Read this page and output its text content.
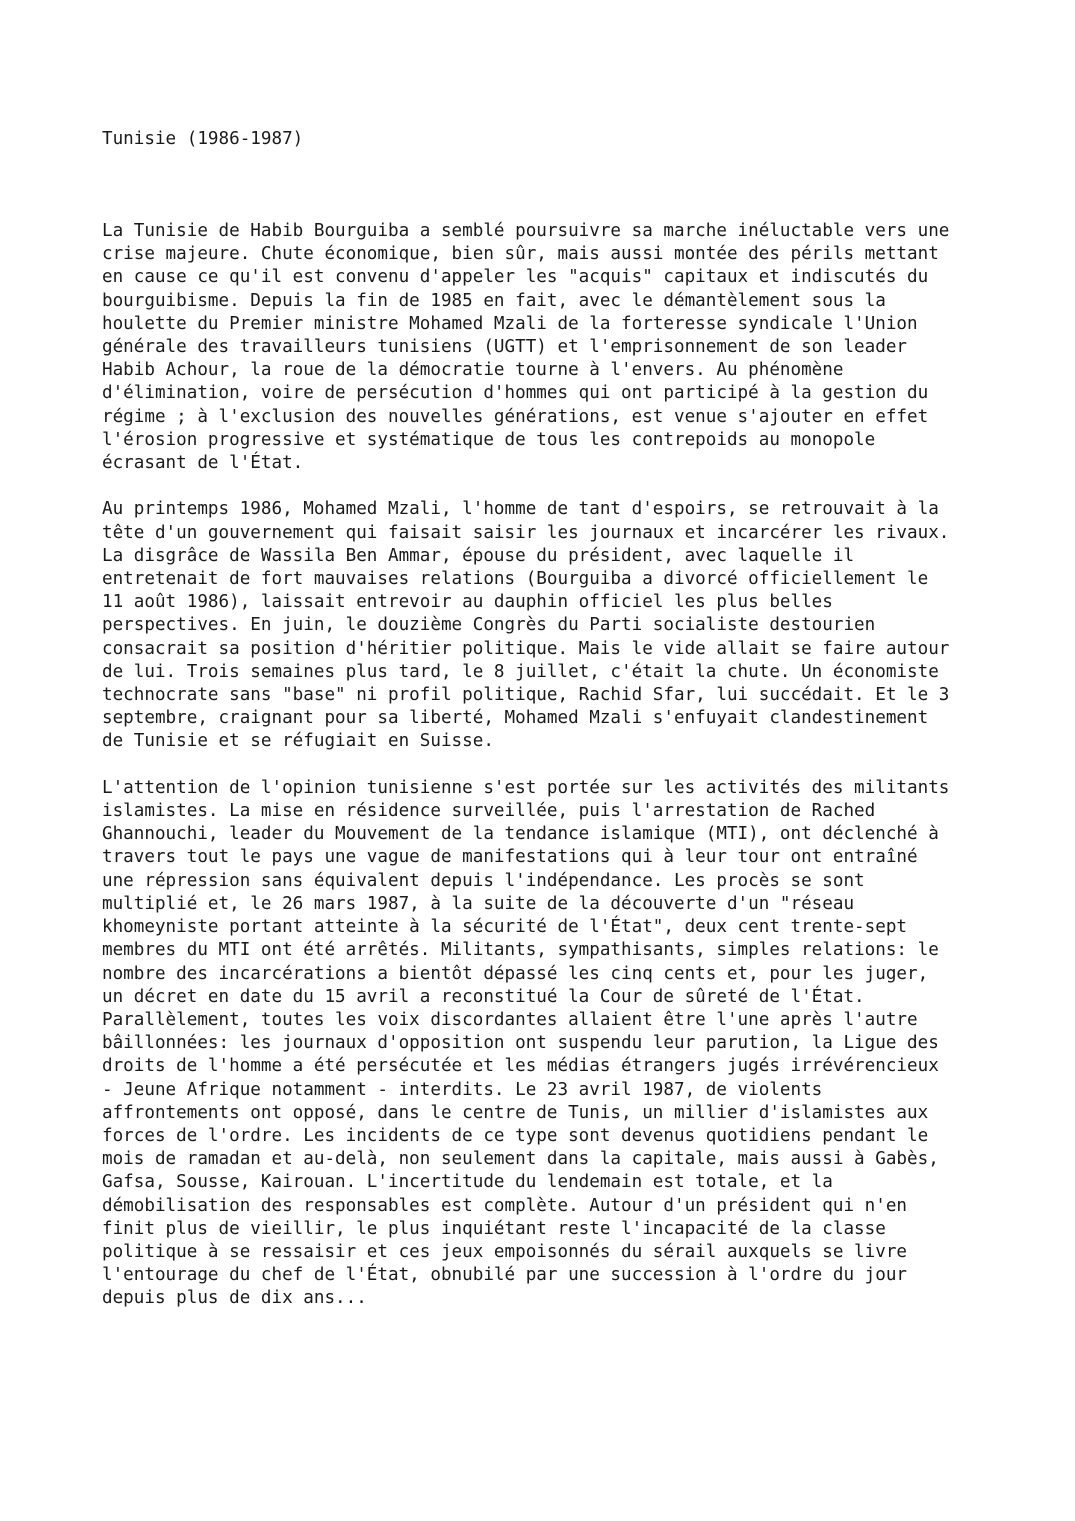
Tunisie (1986-1987)
La Tunisie de Habib Bourguiba a semblé poursuivre sa marche inéluctable vers une
crise majeure. Chute économique, bien sûr, mais aussi montée des périls mettant
en cause ce qu'il est convenu d'appeler les "acquis" capitaux et indiscutés du
bourguibisme. Depuis la fin de 1985 en fait, avec le démantèlement sous la
houlette du Premier ministre Mohamed Mzali de la forteresse syndicale l'Union
générale des travailleurs tunisiens (UGTT) et l'emprisonnement de son leader
Habib Achour, la roue de la démocratie tourne à l'envers. Au phénomène
d'élimination, voire de persécution d'hommes qui ont participé à la gestion du
régime ; à l'exclusion des nouvelles générations, est venue s'ajouter en effet
l'érosion progressive et systématique de tous les contrepoids au monopole
écrasant de l'État.

Au printemps 1986, Mohamed Mzali, l'homme de tant d'espoirs, se retrouvait à la
tête d'un gouvernement qui faisait saisir les journaux et incarcérer les rivaux.
La disgrâce de Wassila Ben Ammar, épouse du président, avec laquelle il
entretenait de fort mauvaises relations (Bourguiba a divorcé officiellement le
11 août 1986), laissait entrevoir au dauphin officiel les plus belles
perspectives. En juin, le douzième Congrès du Parti socialiste destourien
consacrait sa position d'héritier politique. Mais le vide allait se faire autour
de lui. Trois semaines plus tard, le 8 juillet, c'était la chute. Un économiste
technocrate sans "base" ni profil politique, Rachid Sfar, lui succédait. Et le 3
septembre, craignant pour sa liberté, Mohamed Mzali s'enfuyait clandestinement
de Tunisie et se réfugiait en Suisse.

L'attention de l'opinion tunisienne s'est portée sur les activités des militants
islamistes. La mise en résidence surveillée, puis l'arrestation de Rached
Ghannouchi, leader du Mouvement de la tendance islamique (MTI), ont déclenché à
travers tout le pays une vague de manifestations qui à leur tour ont entraîné
une répression sans équivalent depuis l'indépendance. Les procès se sont
multiplié et, le 26 mars 1987, à la suite de la découverte d'un "réseau
khomeyniste portant atteinte à la sécurité de l'État", deux cent trente-sept
membres du MTI ont été arrêtés. Militants, sympathisants, simples relations: le
nombre des incarcérations a bientôt dépassé les cinq cents et, pour les juger,
un décret en date du 15 avril a reconstitué la Cour de sûreté de l'État.
Parallèlement, toutes les voix discordantes allaient être l'une après l'autre
bâillonnées: les journaux d'opposition ont suspendu leur parution, la Ligue des
droits de l'homme a été persécutée et les médias étrangers jugés irrévérencieux
- Jeune Afrique notamment - interdits. Le 23 avril 1987, de violents
affrontements ont opposé, dans le centre de Tunis, un millier d'islamistes aux
forces de l'ordre. Les incidents de ce type sont devenus quotidiens pendant le
mois de ramadan et au-delà, non seulement dans la capitale, mais aussi à Gabès,
Gafsa, Sousse, Kairouan. L'incertitude du lendemain est totale, et la
démobilisation des responsables est complète. Autour d'un président qui n'en
finit plus de vieillir, le plus inquiétant reste l'incapacité de la classe
politique à se ressaisir et ces jeux empoisonnés du sérail auxquels se livre
l'entourage du chef de l'État, obnubilé par une succession à l'ordre du jour
depuis plus de dix ans...
